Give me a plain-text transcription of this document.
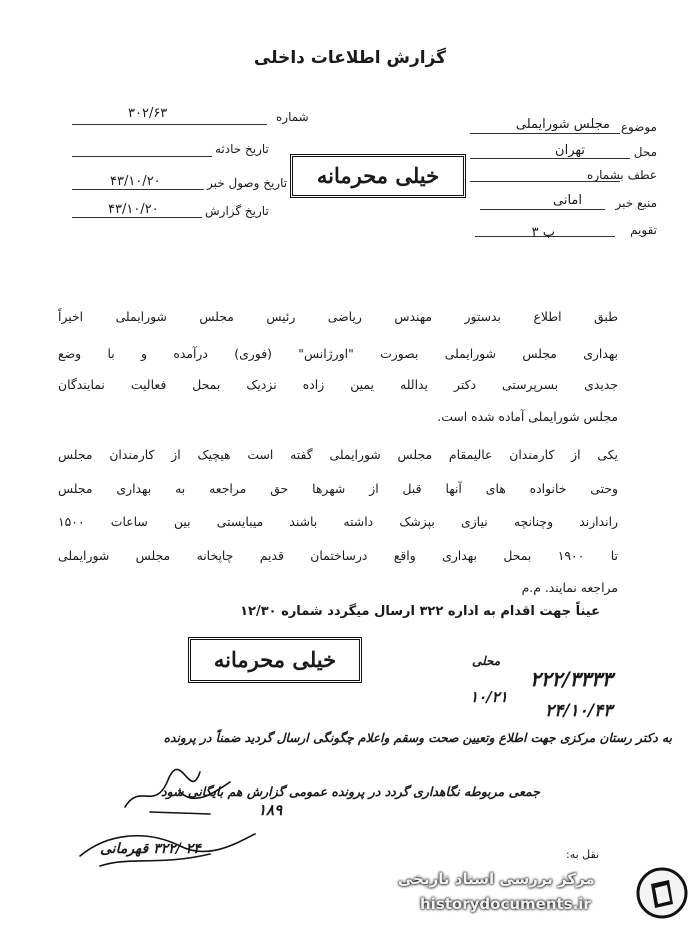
گزارش اطلاعات داخلی
موضوع
مجلس شورایملی
محل
تهران
عطف بشماره
منبع خبر
امانی
تقویم
ب ۳
شماره
۳۰۲/۶۳
تاریخ حادثه
تاریخ وصول خبر
۴۳/۱۰/۲۰
تاریخ گزارش
۴۳/۱۰/۲۰
خیلی محرمانه

طبق اطلاع بدستور مهندس ریاضی رئیس مجلس شورایملی اخیراً

بهداری مجلس شورایملی بصورت "اورژانس" (فوری) درآمده و با وضع

جدیدی بسرپرستی دکتر یدالله یمین زاده نزدیک بمحل فعالیت نمایندگان

مجلس شورایملی آماده شده است.

یکی از کارمندان عالیمقام مجلس شورایملی گفته است هیچیک از کارمندان مجلس

وحتی خانواده های آنها قبل از شهرها حق مراجعه به بهداری مجلس

راندارند وچنانچه نیازی بپزشک داشته باشند میبایستی بین ساعات ۱۵۰۰

تا ۱۹۰۰ بمحل بهداری واقع درساختمان قدیم چاپخانه مجلس شورایملی

مراجعه نمایند. م.م

عیناً جهت اقدام به اداره ۳۲۲ ارسال میگردد شماره ۱۲/۳۰
خیلی محرمانه	محلی
۲۲۲/۳۳۳۳
۱۰/۲۱
۲۴/۱۰/۴۳
به دکتر رستان مرکزی جهت اطلاع وتعیین صحت وسقم واعلام چگونگی ارسال گردید ضمناً در پرونده
جمعی مربوطه نگاهداری گردد در پرونده عمومی گزارش هم بایگانی شود
۱۸۹
۲۴ /۳۲۲ قهرمانی	نقل به:
مرکز بررسی اسناد تاریخی
historydocuments.ir
